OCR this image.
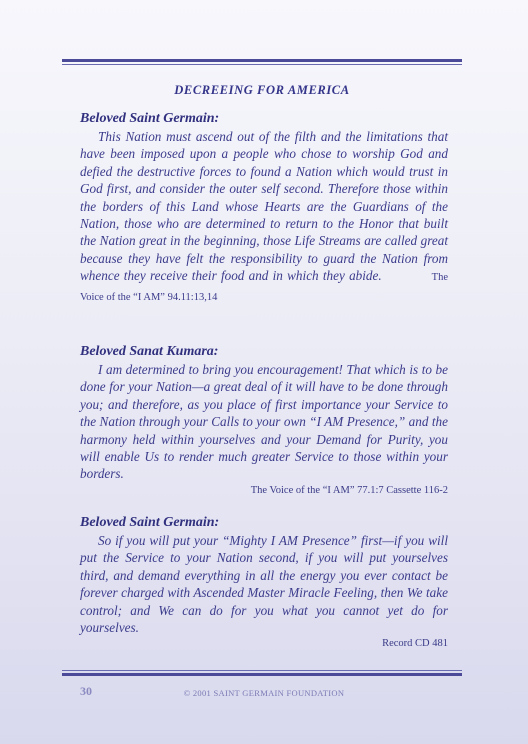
DECREEING FOR AMERICA
Beloved Saint Germain:

This Nation must ascend out of the filth and the limitations that have been imposed upon a people who chose to worship God and defied the destructive forces to found a Nation which would trust in God first, and consider the outer self second. Therefore those within the borders of this Land whose Hearts are the Guardians of the Nation, those who are determined to return to the Honor that built the Nation great in the beginning, those Life Streams are called great because they have felt the responsibility to guard the Nation from whence they receive their food and in which they abide.	The Voice of the “I AM” 94.11:13,14

Beloved Sanat Kumara:

I am determined to bring you encouragement! That which is to be done for your Nation—a great deal of it will have to be done through you; and therefore, as you place of first importance your Service to the Nation through your Calls to your own “I AM Presence,” and the harmony held within yourselves and your Demand for Purity, you will enable Us to render much greater Service to those within your borders.

The Voice of the “I AM” 77.1:7 Cassette 116-2
Beloved Saint Germain:

So if you will put your “Mighty I AM Presence” first—if you will put the Service to your Nation second, if you will put yourselves third, and demand everything in all the energy you ever contact be forever charged with Ascended Master Miracle Feeling, then We take control; and We can do for you what you cannot yet do for yourselves.

Record CD 481
30	© 2001 SAINT GERMAIN FOUNDATION
